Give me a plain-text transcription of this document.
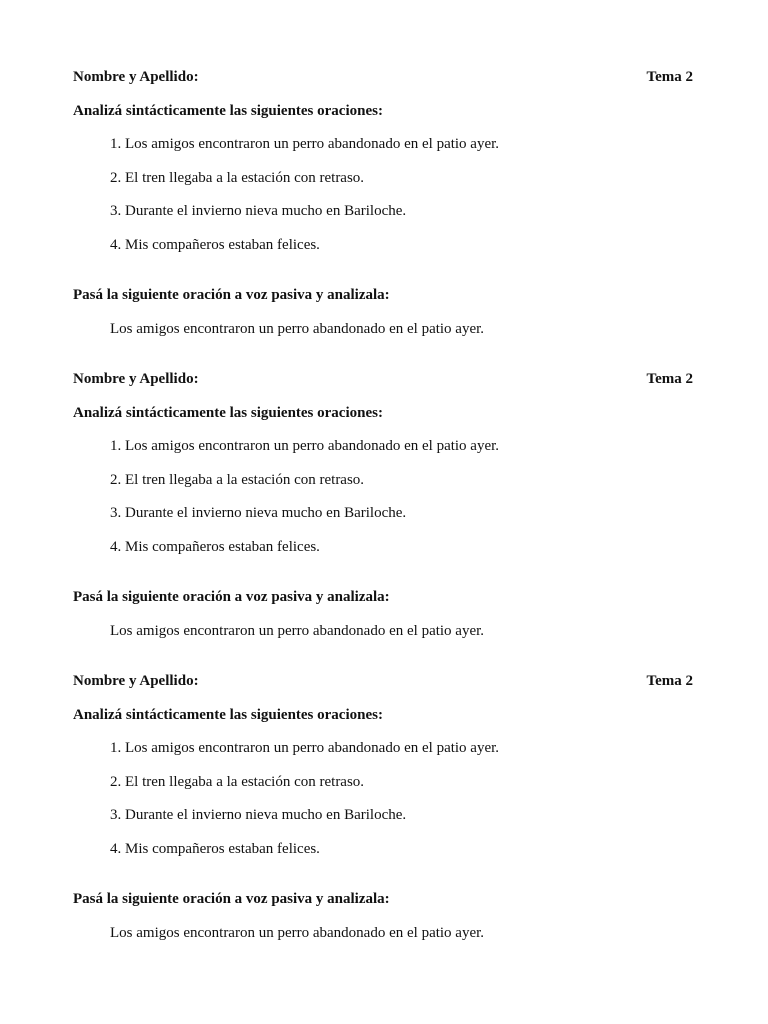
Nombre y Apellido:	Tema 2
Analizá sintácticamente las siguientes oraciones:
1. Los amigos encontraron un perro abandonado en el patio ayer.
2. El tren llegaba a la estación con retraso.
3. Durante el invierno nieva mucho en Bariloche.
4. Mis compañeros estaban felices.
Pasá la siguiente oración a voz pasiva y analizala:
Los amigos encontraron un perro abandonado en el patio ayer.
Nombre y Apellido:	Tema 2
Analizá sintácticamente las siguientes oraciones:
1. Los amigos encontraron un perro abandonado en el patio ayer.
2. El tren llegaba a la estación con retraso.
3. Durante el invierno nieva mucho en Bariloche.
4. Mis compañeros estaban felices.
Pasá la siguiente oración a voz pasiva y analizala:
Los amigos encontraron un perro abandonado en el patio ayer.
Nombre y Apellido:	Tema 2
Analizá sintácticamente las siguientes oraciones:
1. Los amigos encontraron un perro abandonado en el patio ayer.
2. El tren llegaba a la estación con retraso.
3. Durante el invierno nieva mucho en Bariloche.
4. Mis compañeros estaban felices.
Pasá la siguiente oración a voz pasiva y analizala:
Los amigos encontraron un perro abandonado en el patio ayer.
